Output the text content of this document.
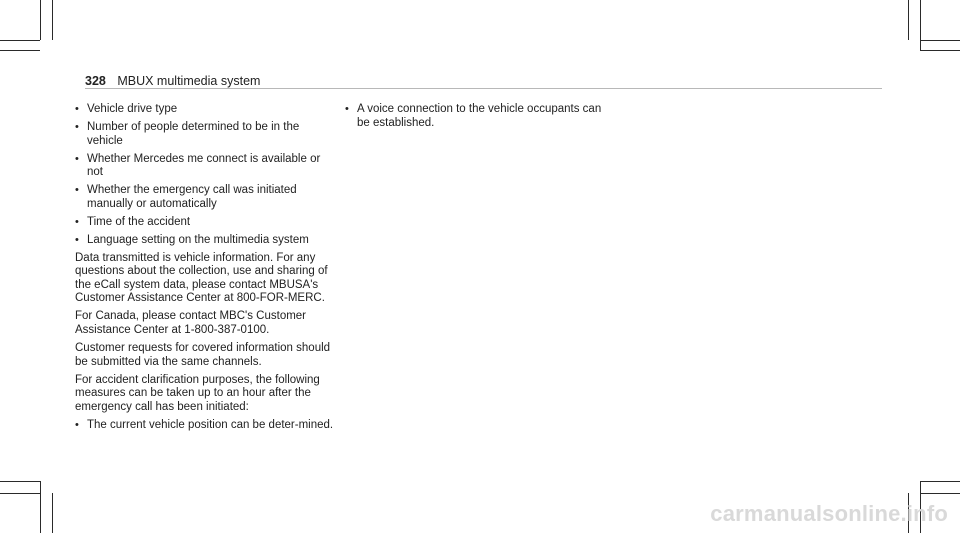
328 MBUX multimedia system
• Vehicle drive type
• Number of people determined to be in the vehicle
• Whether Mercedes me connect is available or not
• Whether the emergency call was initiated manually or automatically
• Time of the accident
• Language setting on the multimedia system

Data transmitted is vehicle information. For any questions about the collection, use and sharing of the eCall system data, please contact MBUSA's Customer Assistance Center at 800-FOR-MERC.

For Canada, please contact MBC's Customer Assistance Center at 1-800-387-0100.

Customer requests for covered information should be submitted via the same channels.

For accident clarification purposes, the following measures can be taken up to an hour after the emergency call has been initiated:

• The current vehicle position can be deter-mined.
• A voice connection to the vehicle occupants can be established.
carmanualsonline.info
